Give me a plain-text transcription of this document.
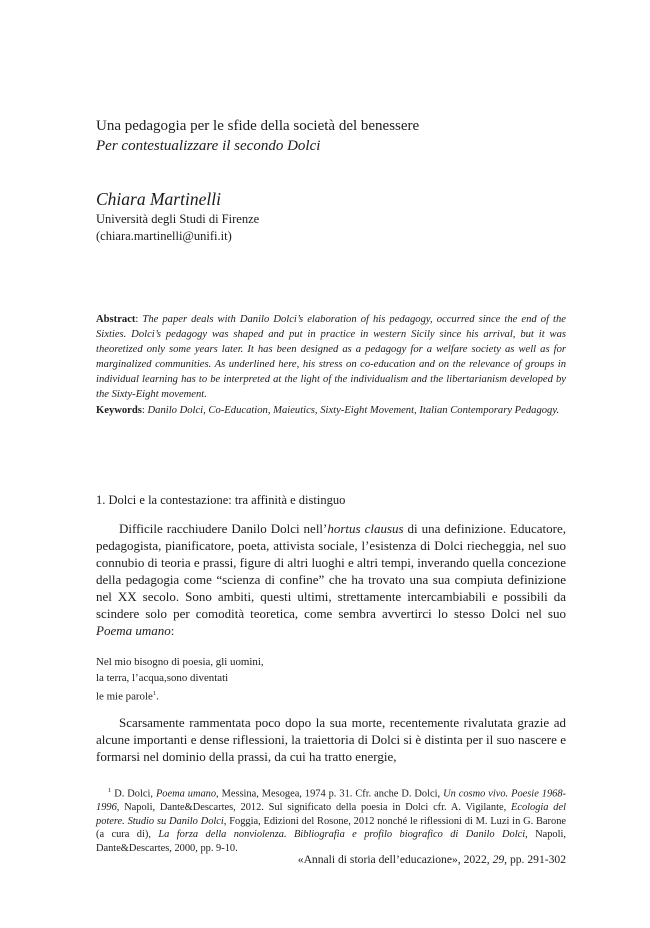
Una pedagogia per le sfide della società del benessere
Per contestualizzare il secondo Dolci
Chiara Martinelli
Università degli Studi di Firenze
(chiara.martinelli@unifi.it)

Abstract: The paper deals with Danilo Dolci’s elaboration of his pedagogy, occurred since the end of the Sixties. Dolci’s pedagogy was shaped and put in practice in western Sicily since his arrival, but it was theoretized only some years later. It has been designed as a pedagogy for a welfare society as well as for marginalized communities. As underlined here, his stress on co-education and on the relevance of groups in individual learning has to be interpreted at the light of the individualism and the libertarianism developed by the Sixty-Eight movement.

Keywords: Danilo Dolci, Co-Education, Maieutics, Sixty-Eight Movement, Italian Contemporary Pedagogy.

1. Dolci e la contestazione: tra affinità e distinguo

Difficile racchiudere Danilo Dolci nell’hortus clausus di una definizione. Educatore, pedagogista, pianificatore, poeta, attivista sociale, l’esistenza di Dolci riecheggia, nel suo connubio di teoria e prassi, figure di altri luoghi e altri tempi, inverando quella concezione della pedagogia come “scienza di confine” che ha trovato una sua compiuta definizione nel XX secolo. Sono ambiti, questi ultimi, strettamente intercambiabili e possibili da scindere solo per comodità teoretica, come sembra avvertirci lo stesso Dolci nel suo Poema umano:

Nel mio bisogno di poesia, gli uomini,
la terra, l’acqua,sono diventati
le mie parole$^1$.

Scarsamente rammentata poco dopo la sua morte, recentemente rivalutata grazie ad alcune importanti e dense riflessioni, la traiettoria di Dolci si è distinta per il suo nascere e formarsi nel dominio della prassi, da cui ha tratto energie,

$^1$ D. Dolci, Poema umano, Messina, Mesogea, 1974 p. 31. Cfr. anche D. Dolci, Un cosmo vivo. Poesie 1968-1996, Napoli, Dante&Descartes, 2012. Sul significato della poesia in Dolci cfr. A. Vigilante, Ecologia del potere. Studio su Danilo Dolci, Foggia, Edizioni del Rosone, 2012 nonché le riflessioni di M. Luzi in G. Barone (a cura di), La forza della nonviolenza. Bibliografia e profilo biografico di Danilo Dolci, Napoli, Dante&Descartes, 2000, pp. 9-10.

«Annali di storia dell’educazione», 2022, 29, pp. 291-302
